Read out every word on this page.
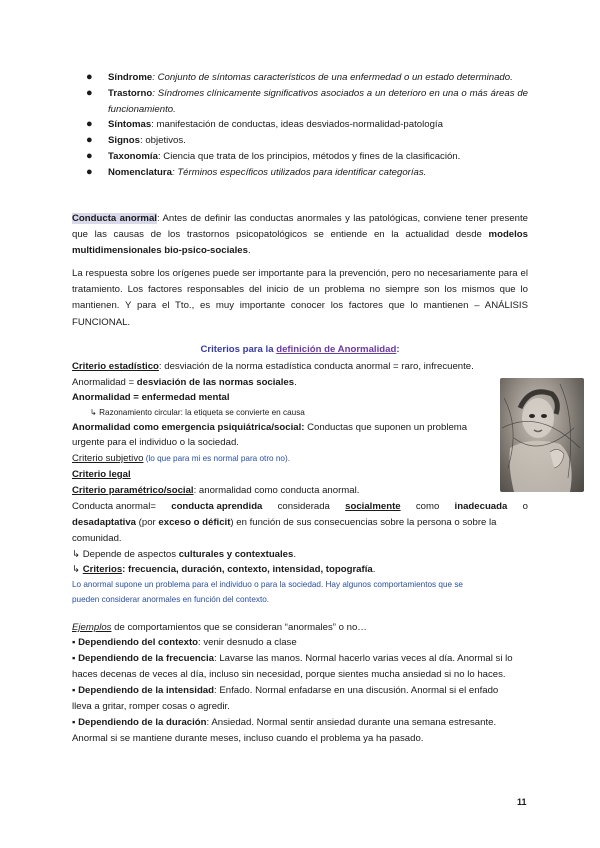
● Síndrome: Conjunto de síntomas característicos de una enfermedad o un estado determinado.
● Trastorno: Síndromes clínicamente significativos asociados a un deterioro en una o más áreas de funcionamiento.
● Síntomas: manifestación de conductas, ideas desviados-normalidad-patología
● Signos: objetivos.
● Taxonomía: Ciencia que trata de los principios, métodos y fines de la clasificación.
● Nomenclatura: Términos específicos utilizados para identificar categorías.

Conducta anormal: Antes de definir las conductas anormales y las patológicas, conviene tener presente que las causas de los trastornos psicopatológicos se entiende en la actualidad desde modelos multidimensionales bio-psico-sociales.

La respuesta sobre los orígenes puede ser importante para la prevención, pero no necesariamente para el tratamiento. Los factores responsables del inicio de un problema no siempre son los mismos que lo mantienen. Y para el Tto., es muy importante conocer los factores que lo mantienen – ANÁLISIS FUNCIONAL.

Criterios para la definición de Anormalidad:
Criterio estadístico: desviación de la norma estadística conducta anormal = raro, infrecuente.
Anormalidad = desviación de las normas sociales.
Anormalidad = enfermedad mental
↳ Razonamiento circular: la etiqueta se convierte en causa
Anormalidad como emergencia psiquiátrica/social: Conductas que suponen un problema
urgente para el individuo o la sociedad.
Criterio subjetivo (lo que para mi es normal para otro no).
Criterio legal
Criterio paramétrico/social: anormalidad como conducta anormal.
Conducta anormal= conducta aprendida considerada socialmente como inadecuada o
desadaptativa (por exceso o déficit) en función de sus consecuencias sobre la persona o sobre la
comunidad.
↳ Depende de aspectos culturales y contextuales.
↳ Criterios: frecuencia, duración, contexto, intensidad, topografía.
Lo anormal supone un problema para el individuo o para la sociedad. Hay algunos comportamientos que se
pueden considerar anormales en función del contexto.
Ejemplos de comportamientos que se consideran “anormales” o no…
▪ Dependiendo del contexto: venir desnudo a clase
▪ Dependiendo de la frecuencia: Lavarse las manos. Normal hacerlo varias veces al día. Anormal si lo
haces decenas de veces al día, incluso sin necesidad, porque sientes mucha ansiedad si no lo haces.
▪ Dependiendo de la intensidad: Enfado. Normal enfadarse en una discusión. Anormal si el enfado
lleva a gritar, romper cosas o agredir.
▪ Dependiendo de la duración: Ansiedad. Normal sentir ansiedad durante una semana estresante.
Anormal si se mantiene durante meses, incluso cuando el problema ya ha pasado.
11
